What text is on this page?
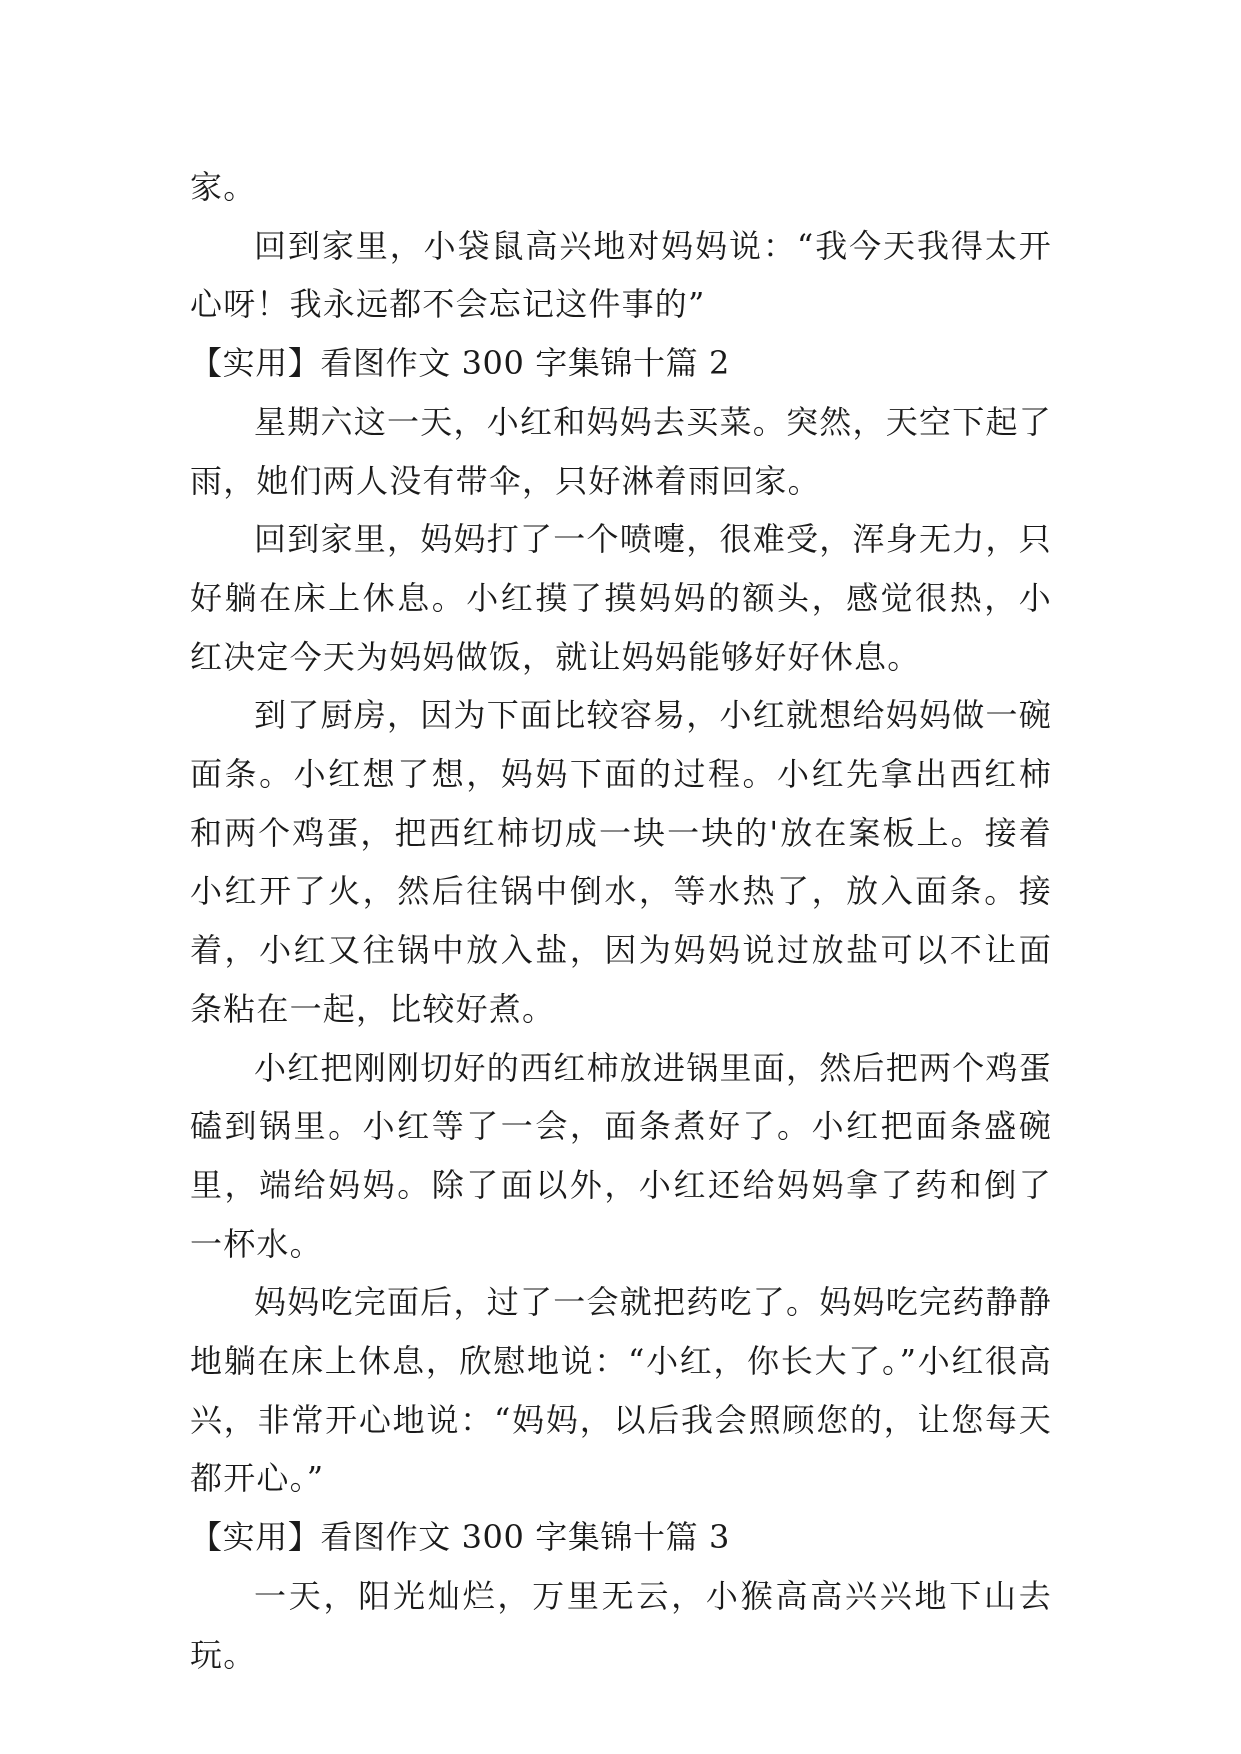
家。

回到家里，小袋鼠高兴地对妈妈说：“我今天我得太开心呀！我永远都不会忘记这件事的”

【实用】看图作文 300 字集锦十篇 2

星期六这一天，小红和妈妈去买菜。突然，天空下起了雨，她们两人没有带伞，只好淋着雨回家。

回到家里，妈妈打了一个喷嚏，很难受，浑身无力，只好躺在床上休息。小红摸了摸妈妈的额头，感觉很热，小红决定今天为妈妈做饭，就让妈妈能够好好休息。

到了厨房，因为下面比较容易，小红就想给妈妈做一碗面条。小红想了想，妈妈下面的过程。小红先拿出西红柿和两个鸡蛋，把西红柿切成一块一块的'放在案板上。接着小红开了火，然后往锅中倒水，等水热了，放入面条。接着，小红又往锅中放入盐，因为妈妈说过放盐可以不让面条粘在一起，比较好煮。

小红把刚刚切好的西红柿放进锅里面，然后把两个鸡蛋磕到锅里。小红等了一会，面条煮好了。小红把面条盛碗里，端给妈妈。除了面以外，小红还给妈妈拿了药和倒了一杯水。

妈妈吃完面后，过了一会就把药吃了。妈妈吃完药静静地躺在床上休息，欣慰地说：“小红，你长大了。”小红很高兴，非常开心地说：“妈妈，以后我会照顾您的，让您每天都开心。”

【实用】看图作文 300 字集锦十篇 3

一天，阳光灿烂，万里无云，小猴高高兴兴地下山去玩。
